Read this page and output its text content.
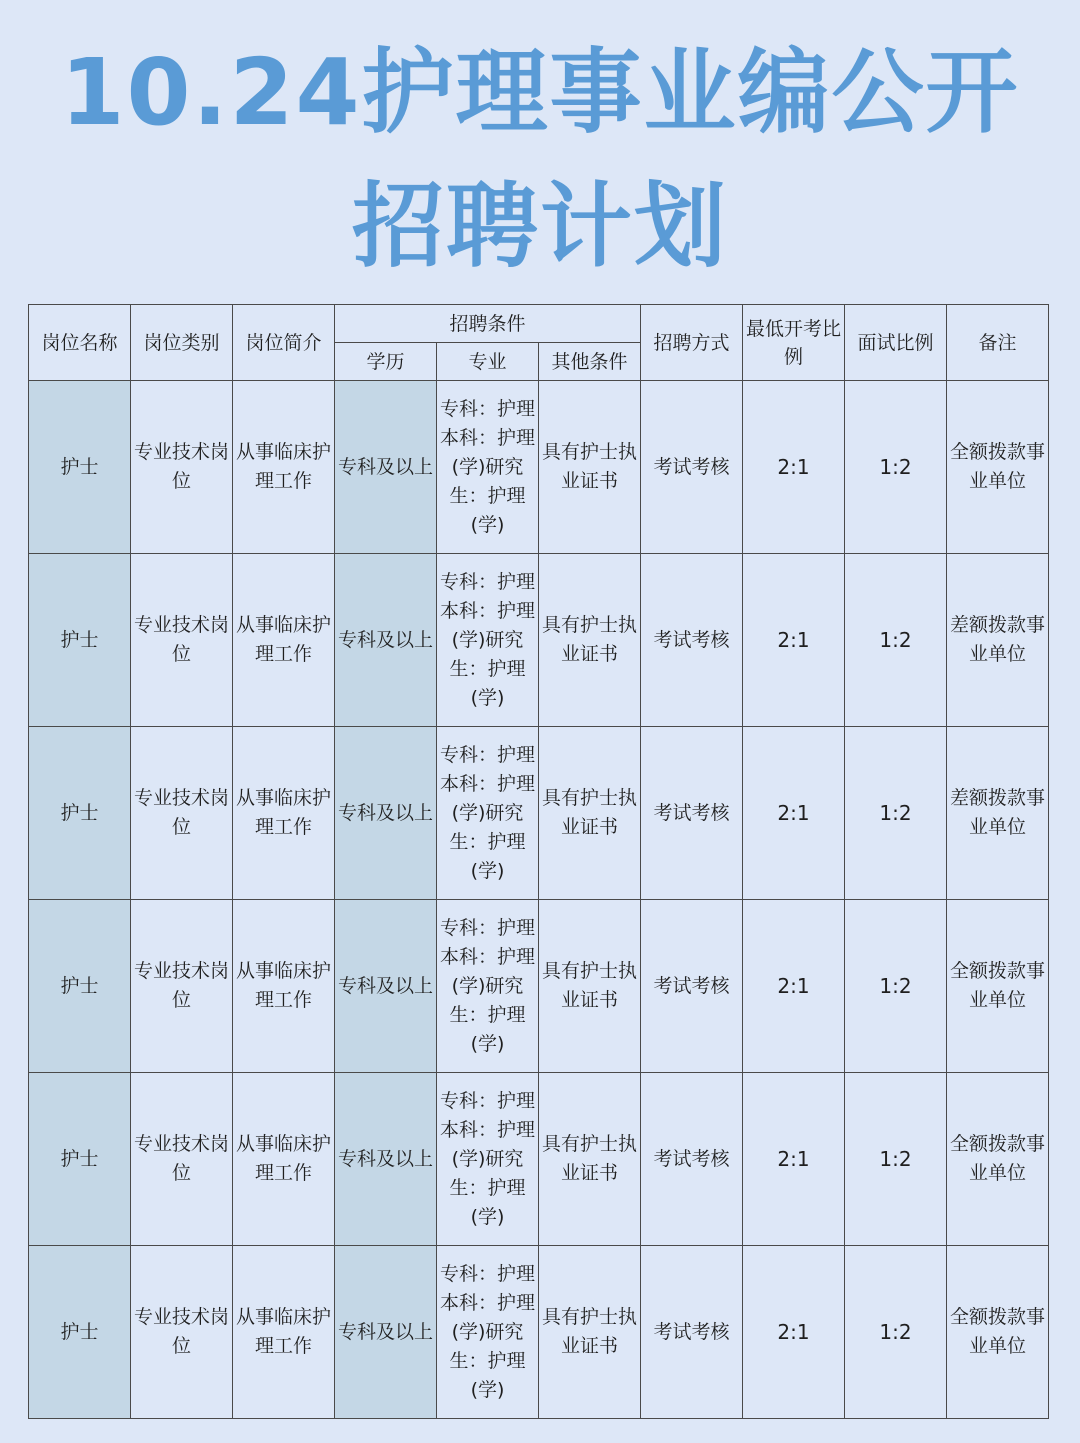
10.24护理事业编公开
招聘计划
岗位名称	岗位类别	岗位简介	招聘条件			招聘方式	最低开考比例	面试比例	备注
			学历	专业	其他条件				
护士	专业技术岗位	从事临床护理工作	专科及以上	专科：护理本科：护理(学)研究生：护理(学)	具有护士执业证书	考试考核	2:1	1:2	全额拨款事业单位
护士	专业技术岗位	从事临床护理工作	专科及以上	专科：护理本科：护理(学)研究生：护理(学)	具有护士执业证书	考试考核	2:1	1:2	差额拨款事业单位
护士	专业技术岗位	从事临床护理工作	专科及以上	专科：护理本科：护理(学)研究生：护理(学)	具有护士执 业证书	考试考核	2:1	1:2	差额拨款事业单位
护士	专业技术岗位	从事临床护理工作	专科及以上	专科：护理本科：护理(学)研究生：护理(学)	具有护士执业证书	考试考核	2:1	1:2	全额拨款事业单位
护士	专业技术岗位	从事临床护理工作	专科及以上	专科：护理本科：护理(学)研究生：护理(学)	具有护士执业证书	考试考核	2:1	1:2	全额拨款事业单位
护士	专业技术岗位	从事临床护理工作	专科及以上	专科：护理本科：护理(学)研究生：护理(学)	具有护士执业证书	考试考核	2:1	1:2	全额拨款事业单位
